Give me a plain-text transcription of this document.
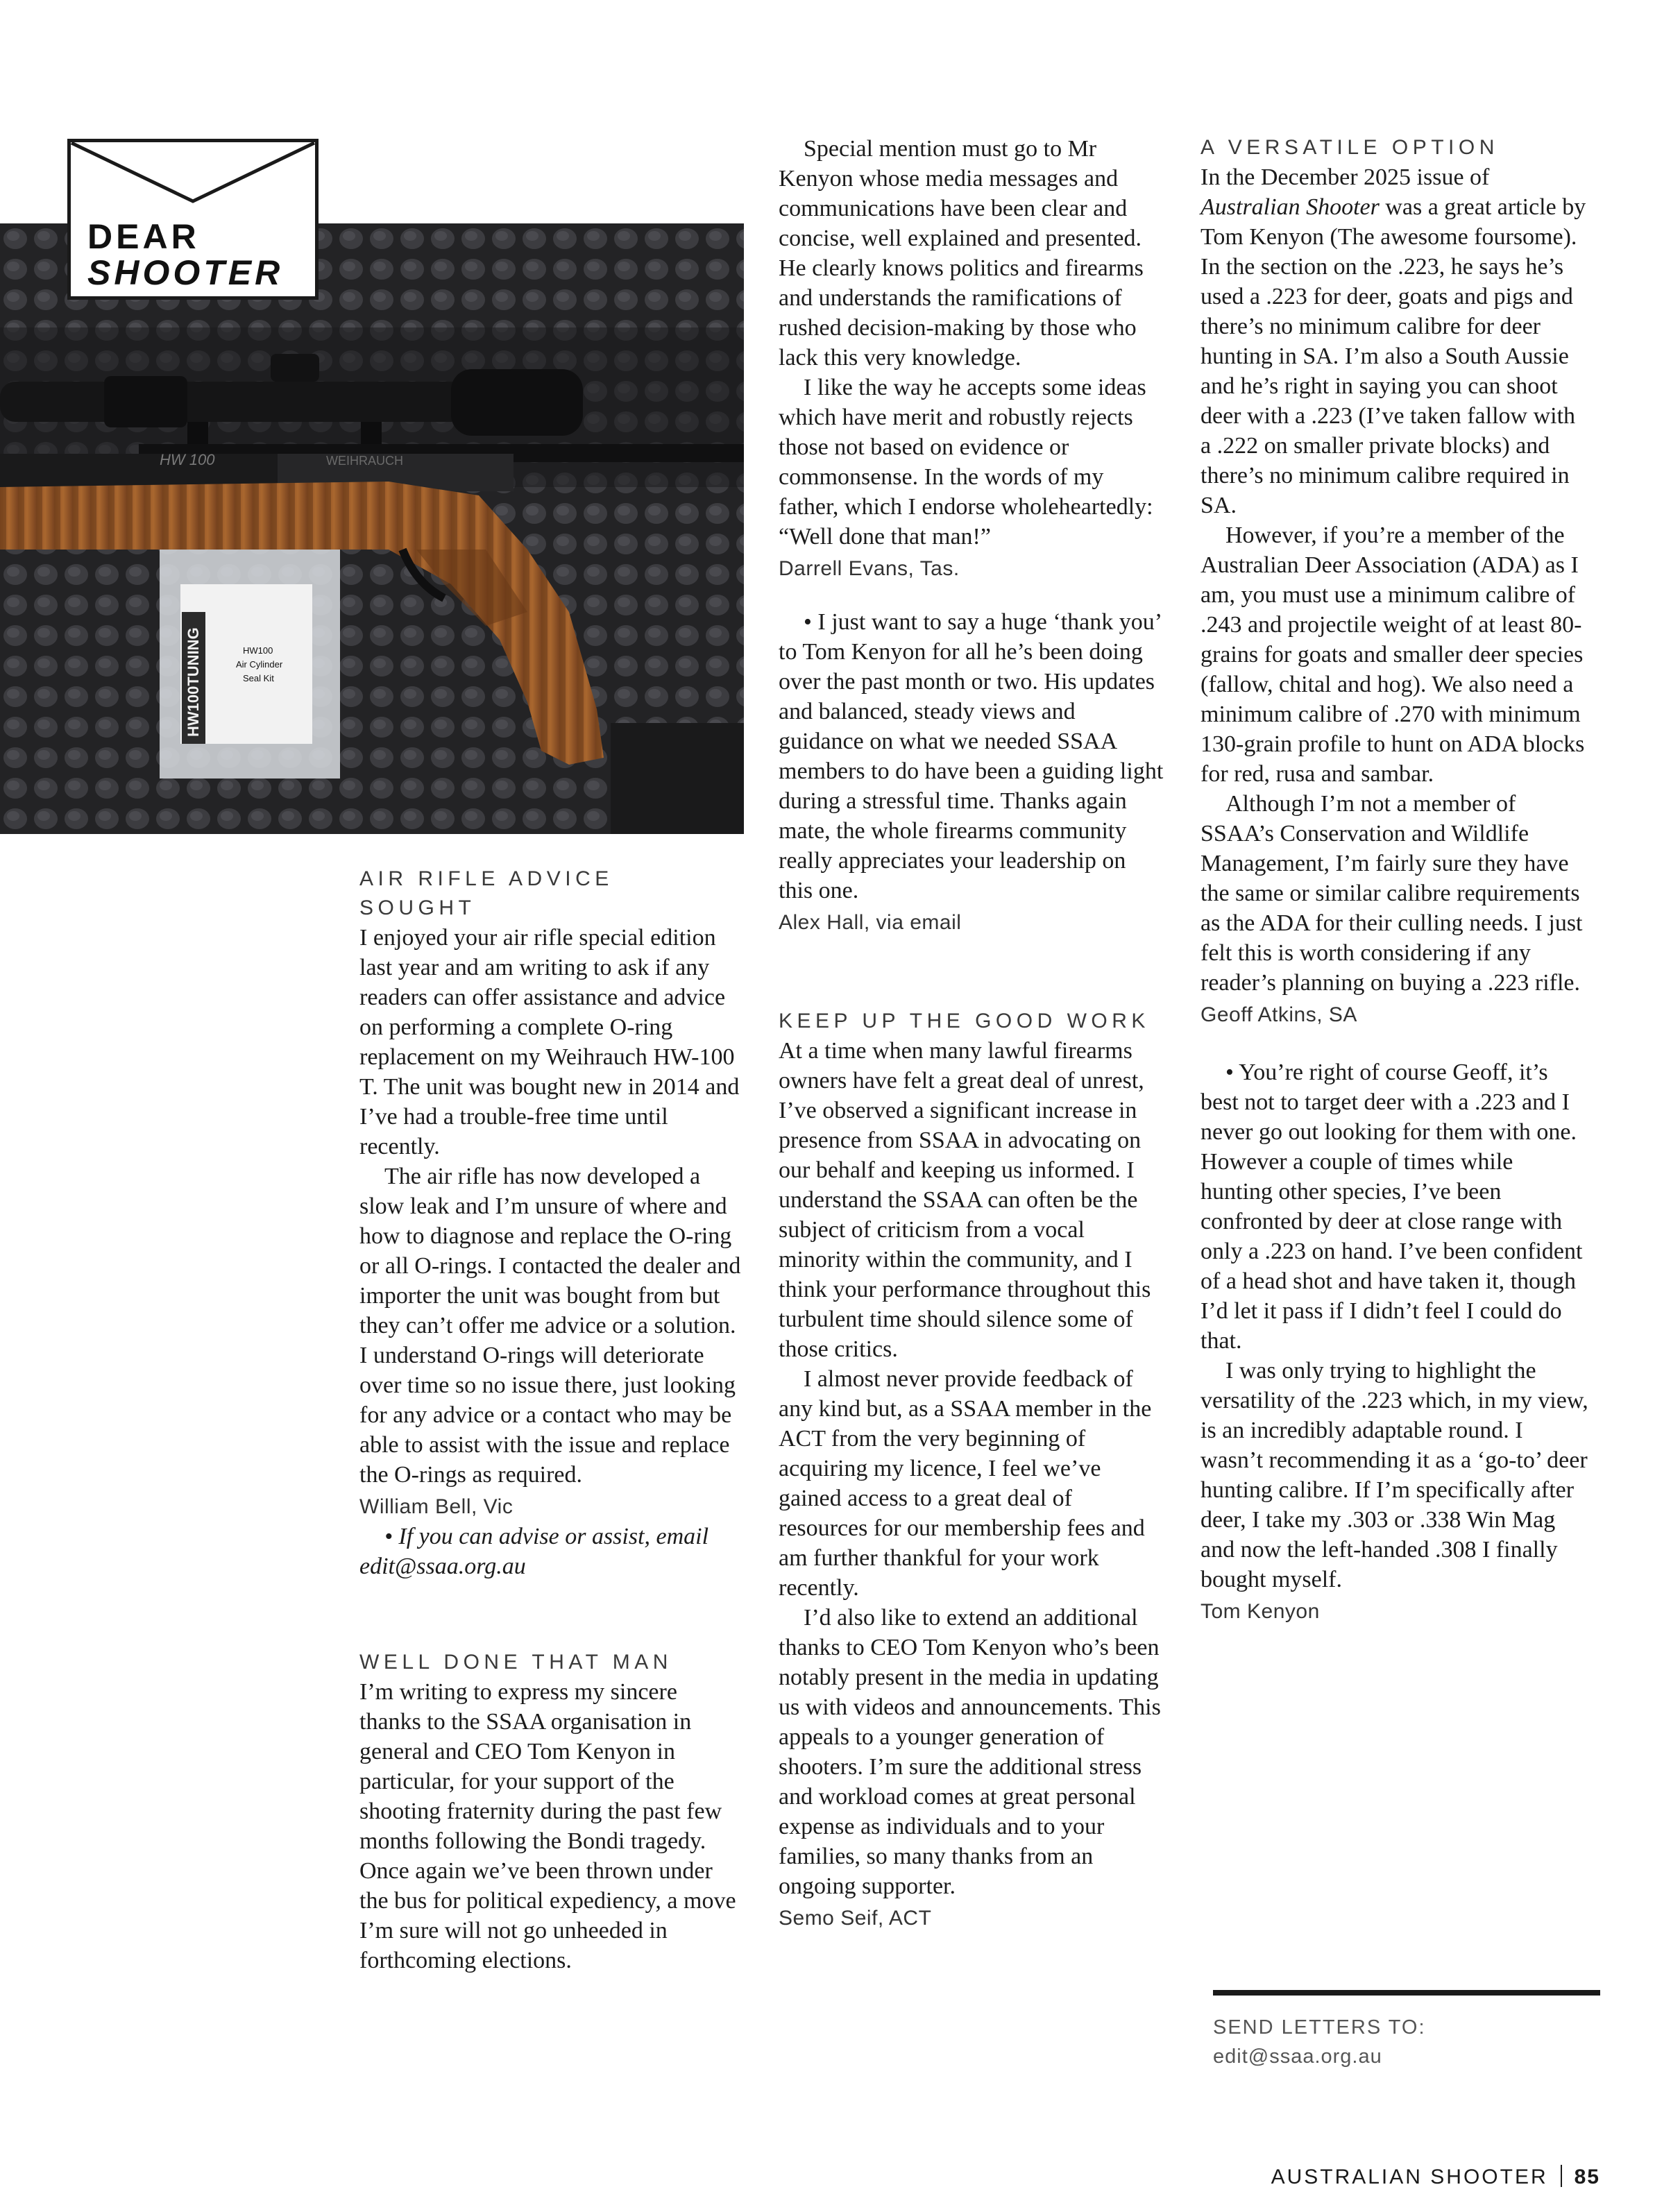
HW100
Air Cylinder
Seal Kit
HW100TUNING
HW 100	WEIHRAUCH
DEAR
SHOOTER

AIR RIFLE ADVICE

SOUGHT

I enjoyed your air rifle special edition last year and am writing to ask if any readers can offer assistance and advice on performing a complete O-ring replacement on my Weihrauch HW-100 T. The unit was bought new in 2014 and I’ve had a trouble-free time until recently.

The air rifle has now developed a slow leak and I’m unsure of where and how to diagnose and replace the O-ring or all O-rings. I contacted the dealer and importer the unit was bought from but they can’t offer me advice or a solution. I understand O-rings will deteriorate over time so no issue there, just looking for any advice or a contact who may be able to assist with the issue and replace the O-rings as required.

William Bell, Vic

• If you can advise or assist, email edit@ssaa.org.au

WELL DONE THAT MAN

I’m writing to express my sincere thanks to the SSAA organisation in general and CEO Tom Kenyon in particular, for your support of the shooting fraternity during the past few months following the Bondi tragedy. Once again we’ve been thrown under the bus for political expediency, a move I’m sure will not go unheeded in forthcoming elections.

Special mention must go to Mr Kenyon whose media messages and communications have been clear and concise, well explained and presented. He clearly knows politics and firearms and understands the ramifications of rushed decision-making by those who lack this very knowledge.

I like the way he accepts some ideas which have merit and robustly rejects those not based on evidence or commonsense. In the words of my father, which I endorse wholeheartedly: “Well done that man!”

Darrell Evans, Tas.

• I just want to say a huge ‘thank you’ to Tom Kenyon for all he’s been doing over the past month or two. His updates and balanced, steady views and guidance on what we needed SSAA members to do have been a guiding light during a stressful time. Thanks again mate, the whole firearms community really appreciates your leadership on this one.

Alex Hall, via email

KEEP UP THE GOOD WORK

At a time when many lawful firearms owners have felt a great deal of unrest, I’ve observed a significant increase in presence from SSAA in advocating on our behalf and keeping us informed. I understand the SSAA can often be the subject of criticism from a vocal minority within the community, and I think your performance throughout this turbulent time should silence some of those critics.

I almost never provide feedback of any kind but, as a SSAA member in the ACT from the very beginning of acquiring my licence, I feel we’ve gained access to a great deal of resources for our membership fees and am further thankful for your work recently.

I’d also like to extend an additional thanks to CEO Tom Kenyon who’s been notably present in the media in updating us with videos and announcements. This appeals to a younger generation of shooters. I’m sure the additional stress and workload comes at great personal expense as individuals and to your families, so many thanks from an ongoing supporter.

Semo Seif, ACT

A VERSATILE OPTION

In the December 2025 issue of Australian Shooter was a great article by Tom Kenyon (The awesome foursome). In the section on the .223, he says he’s used a .223 for deer, goats and pigs and there’s no minimum calibre for deer hunting in SA. I’m also a South Aussie and he’s right in saying you can shoot deer with a .223 (I’ve taken fallow with a .222 on smaller private blocks) and there’s no minimum calibre required in SA.

However, if you’re a member of the Australian Deer Association (ADA) as I am, you must use a minimum calibre of .243 and projectile weight of at least 80-grains for goats and smaller deer species (fallow, chital and hog). We also need a minimum calibre of .270 with minimum 130-grain profile to hunt on ADA blocks for red, rusa and sambar.

Although I’m not a member of SSAA’s Conservation and Wildlife Management, I’m fairly sure they have the same or similar calibre requirements as the ADA for their culling needs. I just felt this is worth considering if any reader’s planning on buying a .223 rifle.

Geoff Atkins, SA

• You’re right of course Geoff, it’s best not to target deer with a .223 and I never go out looking for them with one. However a couple of times while hunting other species, I’ve been confronted by deer at close range with only a .223 on hand. I’ve been confident of a head shot and have taken it, though I’d let it pass if I didn’t feel I could do that.

I was only trying to highlight the versatility of the .223 which, in my view, is an incredibly adaptable round. I wasn’t recommending it as a ‘go-to’ deer hunting calibre. If I’m specifically after deer, I take my .303 or .338 Win Mag and now the left-handed .308 I finally bought myself.

Tom Kenyon

SEND LETTERS TO:
edit@ssaa.org.au
AUSTRALIAN SHOOTER 85
